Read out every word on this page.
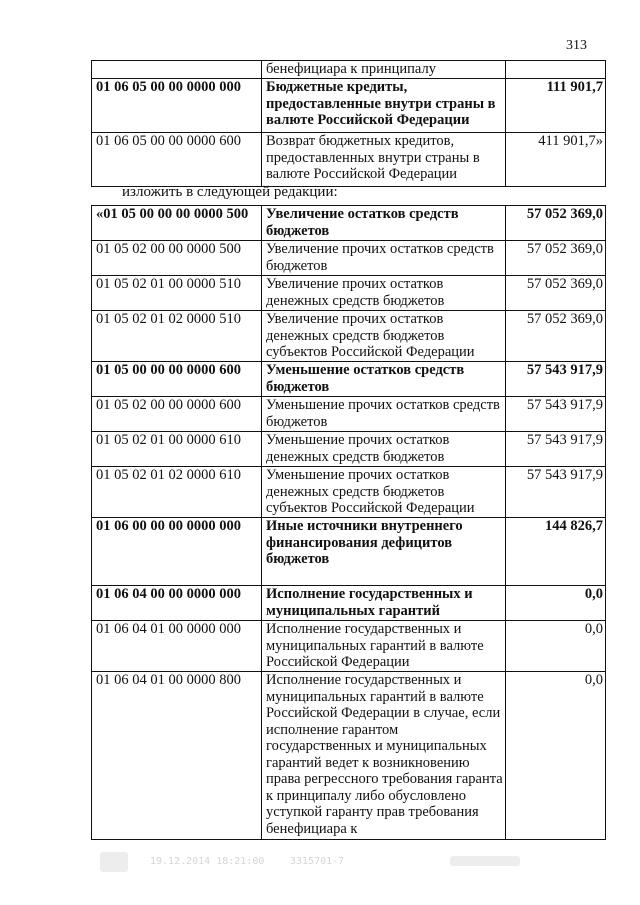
313
	бенефициара к принципалу	
01 06 05 00 00 0000 000	Бюджетные кредиты, предоставленные внутри страны в валюте Российской Федерации	111 901,7
01 06 05 00 00 0000 600	Возврат бюджетных кредитов, предоставленных внутри страны в валюте Российской Федерации	411 901,7»
изложить в следующей редакции:
«01 05 00 00 00 0000 500	Увеличение остатков средств бюджетов	57 052 369,0
01 05 02 00 00 0000 500	Увеличение прочих остатков средств бюджетов	57 052 369,0
01 05 02 01 00 0000 510	Увеличение прочих остатков денежных средств бюджетов	57 052 369,0
01 05 02 01 02 0000 510	Увеличение прочих остатков денежных средств бюджетов субъектов Российской Федерации	57 052 369,0
01 05 00 00 00 0000 600	Уменьшение остатков средств бюджетов	57 543 917,9
01 05 02 00 00 0000 600	Уменьшение прочих остатков средств бюджетов	57 543 917,9
01 05 02 01 00 0000 610	Уменьшение прочих остатков денежных средств бюджетов	57 543 917,9
01 05 02 01 02 0000 610	Уменьшение прочих остатков денежных средств бюджетов субъектов Российской Федерации	57 543 917,9
01 06 00 00 00 0000 000	Иные источники внутреннего финансирования дефицитов бюджетов	144 826,7
01 06 04 00 00 0000 000	Исполнение государственных и муниципальных гарантий	0,0
01 06 04 01 00 0000 000	Исполнение государственных и муниципальных гарантий в валюте Российской Федерации	0,0
01 06 04 01 00 0000 800	Исполнение государственных и муниципальных гарантий в валюте Российской Федерации в случае, если исполнение гарантом государственных и муниципальных гарантий ведет к возникновению права регрессного требования гаранта к принципалу либо обусловлено уступкой гаранту прав требования бенефициара к	0,0
19.12.2014 18:21:00	3315701-7
